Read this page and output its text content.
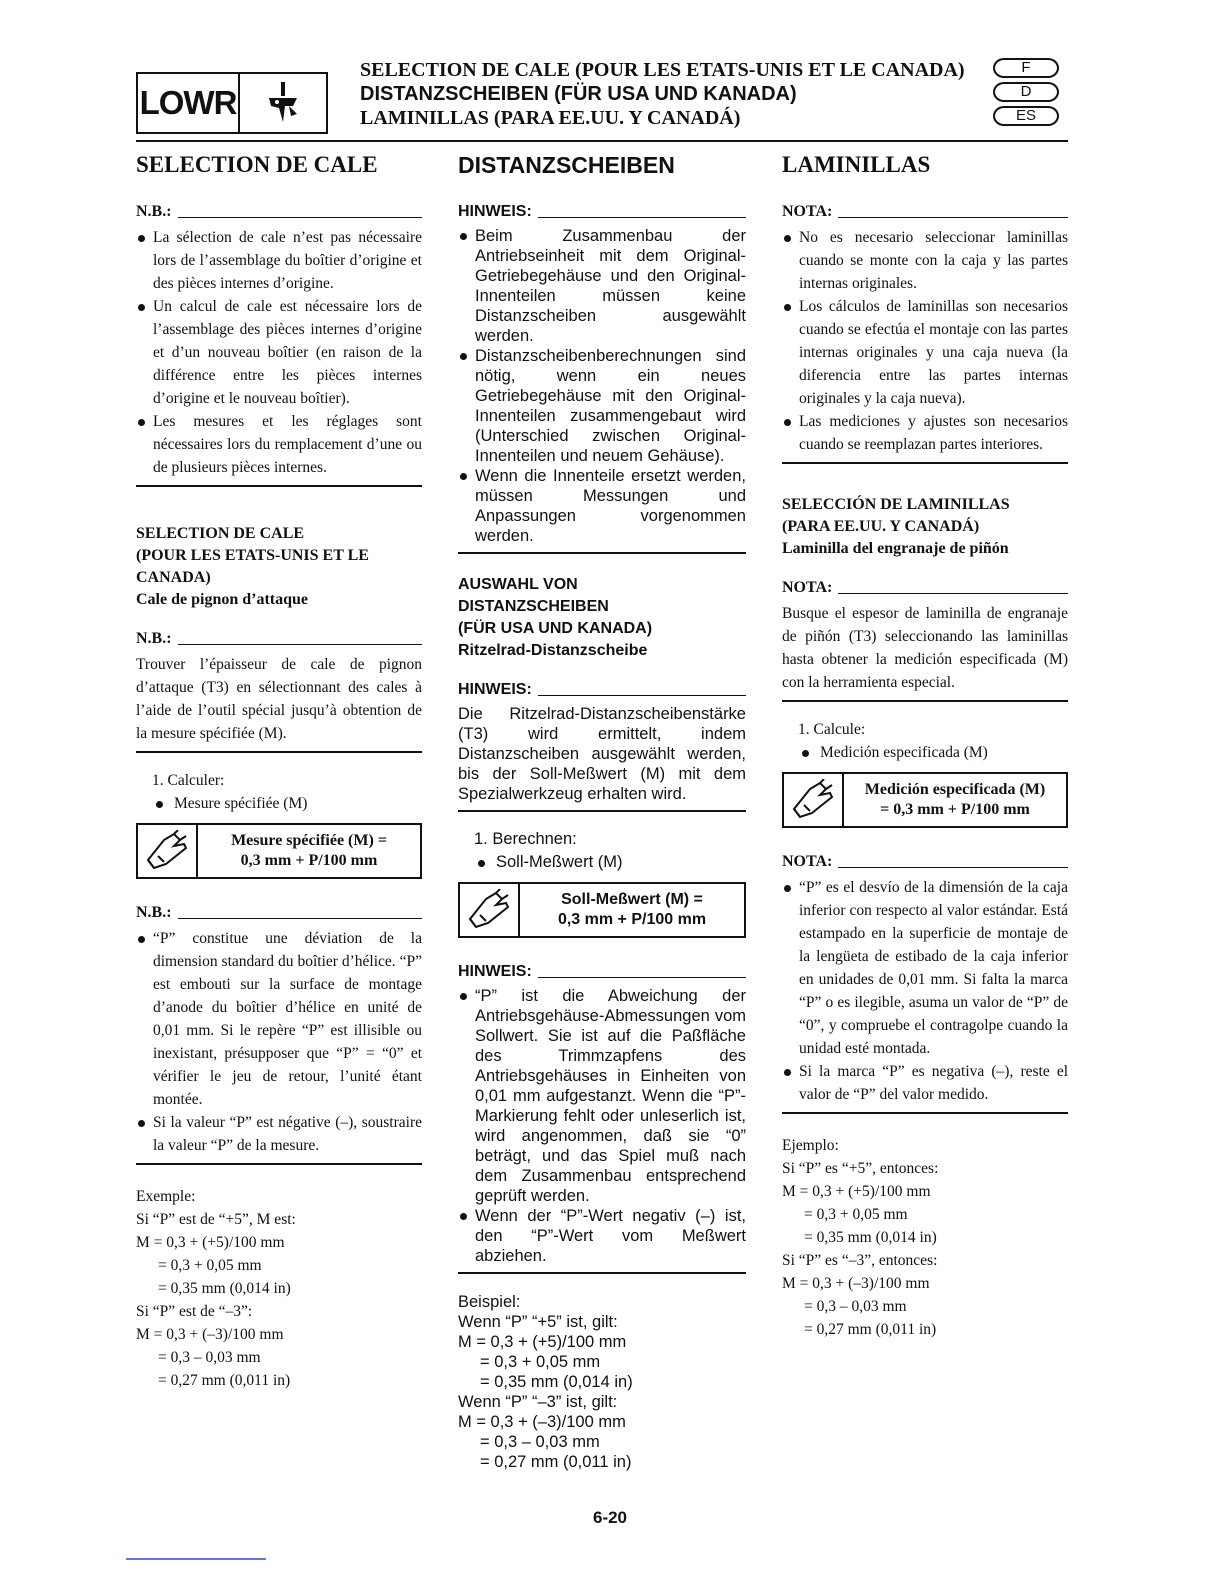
LOWR
SELECTION DE CALE (POUR LES ETATS-UNIS ET LE CANADA)
DISTANZSCHEIBEN (FÜR USA UND KANADA)
LAMINILLAS (PARA EE.UU. Y CANADÁ)
F
D
ES
SELECTION DE CALE
N.B.:
La sélection de cale n’est pas nécessaire lors de l’assemblage du boîtier d’origine et des pièces internes d’origine.
Un calcul de cale est nécessaire lors de l’assemblage des pièces internes d’origine et d’un nouveau boîtier (en raison de la différence entre les pièces internes d’origine et le nouveau boîtier).
Les mesures et les réglages sont nécessaires lors du remplacement d’une ou de plusieurs pièces internes.
SELECTION DE CALE
(POUR LES ETATS-UNIS ET LE
CANADA)
Cale de pignon d’attaque
N.B.:
Trouver l’épaisseur de cale de pignon d’attaque (T3) en sélectionnant des cales à l’aide de l’outil spécial jusqu’à obtention de la mesure spécifiée (M).
1. Calculer:
Mesure spécifiée (M)
Mesure spécifiée (M) =
0,3 mm + P/100 mm
N.B.:
“P” constitue une déviation de la dimension standard du boîtier d’hélice. “P” est embouti sur la surface de montage d’anode du boîtier d’hélice en unité de 0,01 mm. Si le repère “P” est illisible ou inexistant, présupposer que “P” = “0” et vérifier le jeu de retour, l’unité étant montée.
Si la valeur “P” est négative (–), soustraire la valeur “P” de la mesure.
Exemple:
Si “P” est de “+5”, M est:
M = 0,3 + (+5)/100 mm
= 0,3 + 0,05 mm
= 0,35 mm (0,014 in)
Si “P” est de “–3”:
M = 0,3 + (–3)/100 mm
= 0,3 – 0,03 mm
= 0,27 mm (0,011 in)
DISTANZSCHEIBEN
HINWEIS:
Beim Zusammenbau der Antriebseinheit mit dem Original-Getriebegehäuse und den Original-Innenteilen müssen keine Distanzscheiben ausgewählt werden.
Distanzscheibenberechnungen sind nötig, wenn ein neues Getriebegehäuse mit den Original-Innenteilen zusammengebaut wird (Unterschied zwischen Original-Innenteilen und neuem Gehäuse).
Wenn die Innenteile ersetzt werden, müssen Messungen und Anpassungen vorgenommen werden.
AUSWAHL VON
DISTANZSCHEIBEN
(FÜR USA UND KANADA)
Ritzelrad-Distanzscheibe
HINWEIS:
Die Ritzelrad-Distanzscheibenstärke (T3) wird ermittelt, indem Distanzscheiben ausgewählt werden, bis der Soll-Meßwert (M) mit dem Spezialwerkzeug erhalten wird.
1. Berechnen:
Soll-Meßwert (M)
Soll-Meßwert (M) =
0,3 mm + P/100 mm
HINWEIS:
“P” ist die Abweichung der Antriebsgehäuse-Abmessungen vom Sollwert. Sie ist auf die Paßfläche des Trimmzapfens des Antriebsgehäuses in Einheiten von 0,01 mm aufgestanzt. Wenn die “P”-Markierung fehlt oder unleserlich ist, wird angenommen, daß sie “0” beträgt, und das Spiel muß nach dem Zusammenbau entsprechend geprüft werden.
Wenn der “P”-Wert negativ (–) ist, den “P”-Wert vom Meßwert abziehen.
Beispiel:
Wenn “P” “+5” ist, gilt:
M = 0,3 + (+5)/100 mm
= 0,3 + 0,05 mm
= 0,35 mm (0,014 in)
Wenn “P” “–3” ist, gilt:
M = 0,3 + (–3)/100 mm
= 0,3 – 0,03 mm
= 0,27 mm (0,011 in)
LAMINILLAS
NOTA:
No es necesario seleccionar laminillas cuando se monte con la caja y las partes internas originales.
Los cálculos de laminillas son necesarios cuando se efectúa el montaje con las partes internas originales y una caja nueva (la diferencia entre las partes internas originales y la caja nueva).
Las mediciones y ajustes son necesarios cuando se reemplazan partes interiores.
SELECCIÓN DE LAMINILLAS
(PARA EE.UU. Y CANADÁ)
Laminilla del engranaje de piñón
NOTA:
Busque el espesor de laminilla de engranaje de piñón (T3) seleccionando las laminillas hasta obtener la medición especificada (M) con la herramienta especial.
1. Calcule:
Medición especificada (M)
Medición especificada (M)
= 0,3 mm + P/100 mm
NOTA:
“P” es el desvío de la dimensión de la caja inferior con respecto al valor estándar. Está estampado en la superficie de montaje de la lengüeta de estibado de la caja inferior en unidades de 0,01 mm. Si falta la marca “P” o es ilegible, asuma un valor de “P” de “0”, y compruebe el contragolpe cuando la unidad esté montada.
Si la marca “P” es negativa (–), reste el valor de “P” del valor medido.
Ejemplo:
Si “P” es “+5”, entonces:
M = 0,3 + (+5)/100 mm
= 0,3 + 0,05 mm
= 0,35 mm (0,014 in)
Si “P” es “–3”, entonces:
M = 0,3 + (–3)/100 mm
= 0,3 – 0,03 mm
= 0,27 mm (0,011 in)
6-20
